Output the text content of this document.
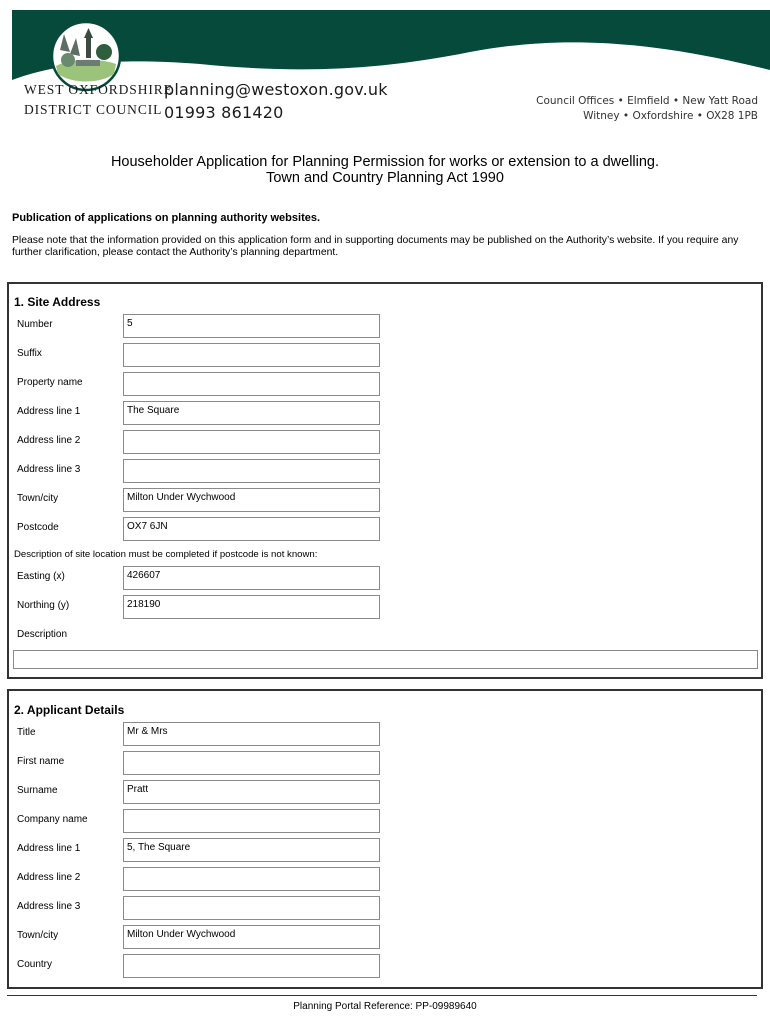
WEST OXFORDSHIRE
DISTRICT COUNCIL
planning@westoxon.gov.uk
01993 861420
Council Offices • Elmfield • New Yatt Road
Witney • Oxfordshire • OX28 1PB
Householder Application for Planning Permission for works or extension to a dwelling.
Town and Country Planning Act 1990
Publication of applications on planning authority websites.
Please note that the information provided on this application form and in supporting documents may be published on the Authority’s website. If you require any further clarification, please contact the Authority’s planning department.
1. Site Address
Number	5
Suffix
Property name
Address line 1	The Square
Address line 2
Address line 3
Town/city	Milton Under Wychwood
Postcode	OX7 6JN
Description of site location must be completed if postcode is not known:
Easting (x)	426607
Northing (y)	218190
Description
2. Applicant Details
Title	Mr & Mrs
First name
Surname	Pratt
Company name
Address line 1	5, The Square
Address line 2
Address line 3
Town/city	Milton Under Wychwood
Country
Planning Portal Reference: PP-09989640
